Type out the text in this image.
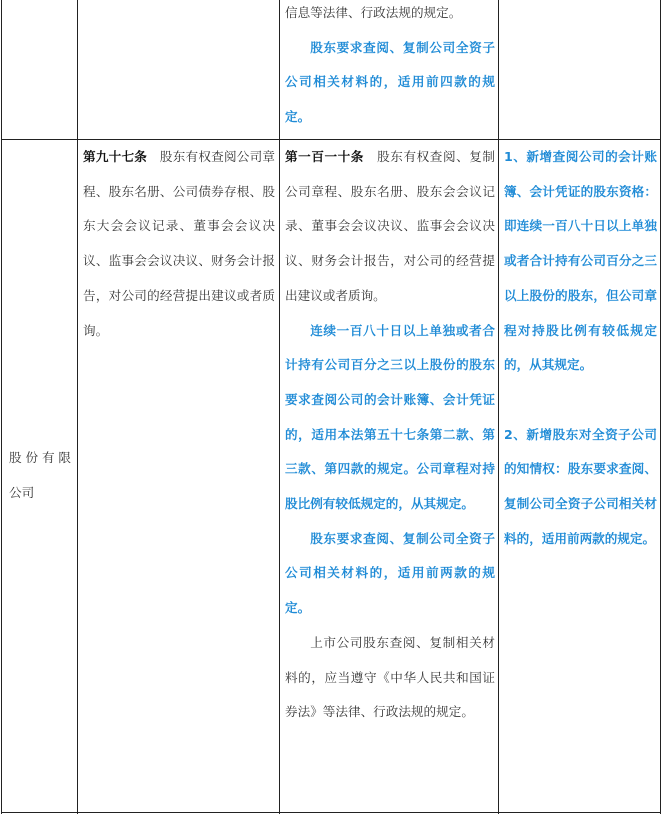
信息等法律、行政法规的规定。

股东要求查阅、复制公司全资子公司相关材料的，适用前四款的规定。

股份有限公司

第九十七条　 股东有权查阅公司章程、股东名册、公司债券存根、股东大会会议记录、董事会会议决议、监事会会议决议、财务会计报告，对公司的经营提出建议或者质询。

第一百一十条　 股东有权查阅、复制公司章程、股东名册、股东会会议记录、董事会会议决议、监事会会议决议、财务会计报告，对公司的经营提出建议或者质询。

连续一百八十日以上单独或者合计持有公司百分之三以上股份的股东要求查阅公司的会计账簿、会计凭证的，适用本法第五十七条第二款、第三款、第四款的规定。公司章程对持股比例有较低规定的，从其规定。

股东要求查阅、复制公司全资子公司相关材料的，适用前两款的规定。

上市公司股东查阅、复制相关材料的，应当遵守《中华人民共和国证券法》等法律、行政法规的规定。

1、新增查阅公司的会计账簿、会计凭证的股东资格：即连续一百八十日以上单独或者合计持有公司百分之三以上股份的股东，但公司章程对持股比例有较低规定的，从其规定。

2、新增股东对全资子公司的知情权：股东要求查阅、复制公司全资子公司相关材料的，适用前两款的规定。
